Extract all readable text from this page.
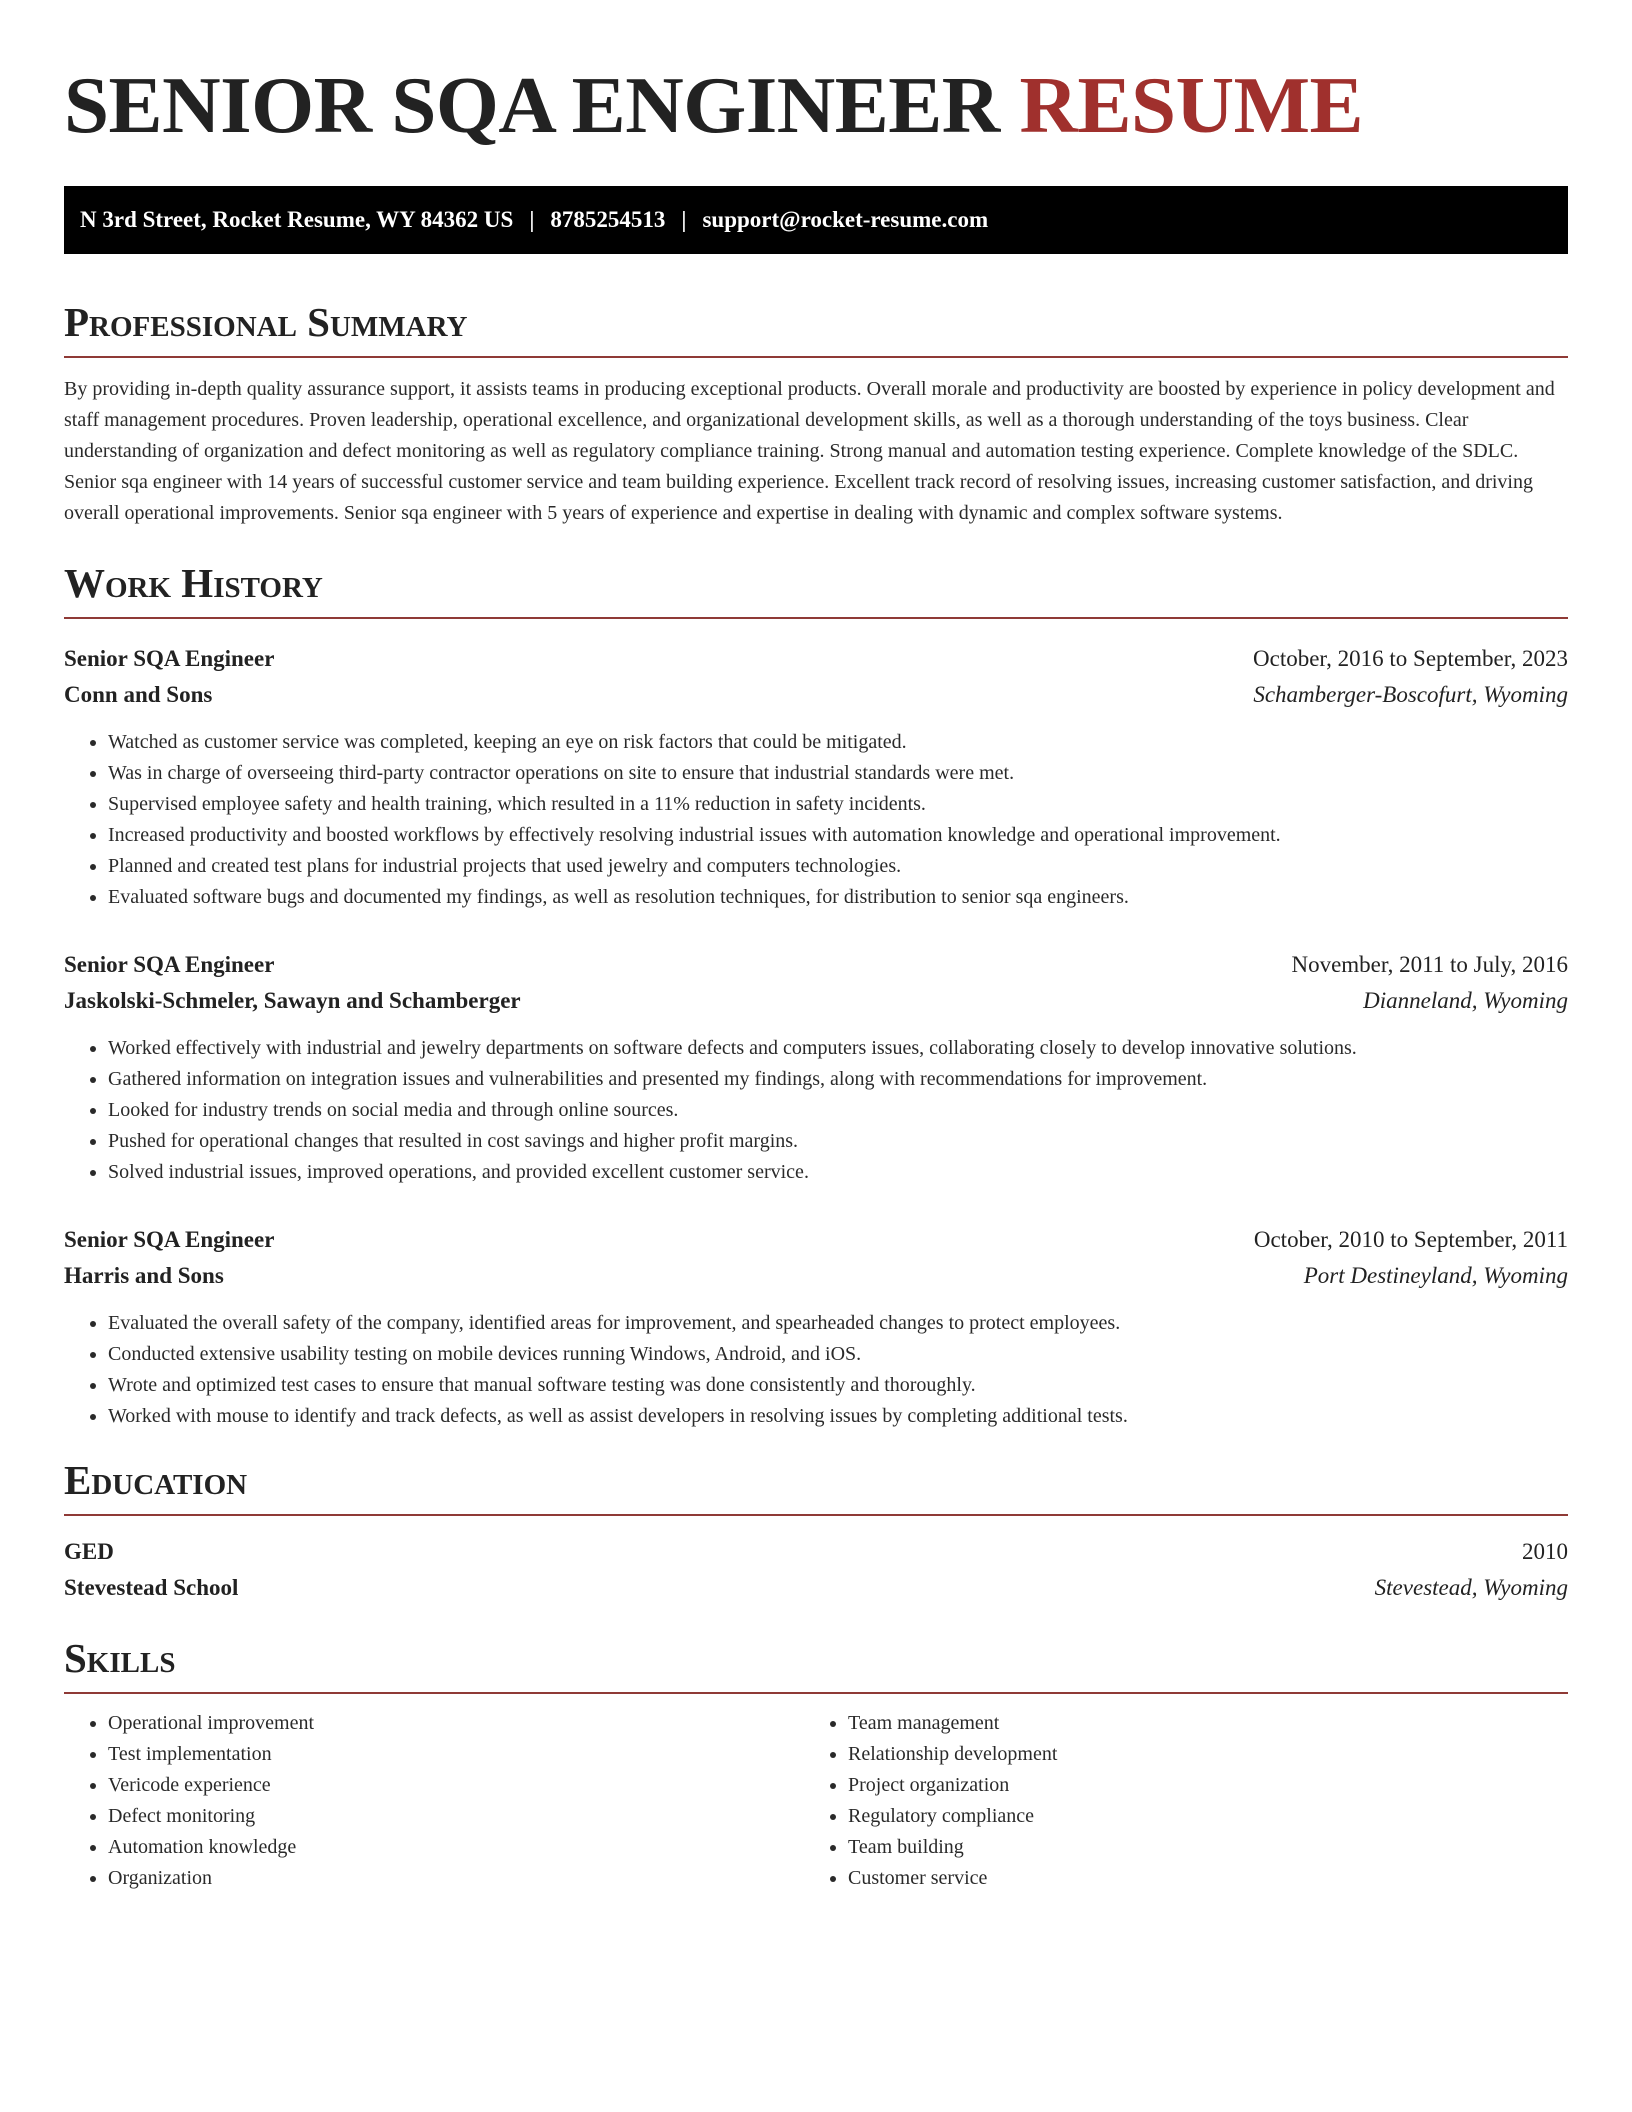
SENIOR SQA ENGINEER RESUME
N 3rd Street, Rocket Resume, WY 84362 US | 8785254513 | support@rocket-resume.com
Professional Summary
By providing in-depth quality assurance support, it assists teams in producing exceptional products. Overall morale and productivity are boosted by experience in policy development and staff management procedures. Proven leadership, operational excellence, and organizational development skills, as well as a thorough understanding of the toys business. Clear understanding of organization and defect monitoring as well as regulatory compliance training. Strong manual and automation testing experience. Complete knowledge of the SDLC. Senior sqa engineer with 14 years of successful customer service and team building experience. Excellent track record of resolving issues, increasing customer satisfaction, and driving overall operational improvements. Senior sqa engineer with 5 years of experience and expertise in dealing with dynamic and complex software systems.
Work History
Senior SQA Engineer	October, 2016 to September, 2023
Conn and Sons	Schamberger-Boscofurt, Wyoming
• Watched as customer service was completed, keeping an eye on risk factors that could be mitigated.
• Was in charge of overseeing third-party contractor operations on site to ensure that industrial standards were met.
• Supervised employee safety and health training, which resulted in a 11% reduction in safety incidents.
• Increased productivity and boosted workflows by effectively resolving industrial issues with automation knowledge and operational improvement.
• Planned and created test plans for industrial projects that used jewelry and computers technologies.
• Evaluated software bugs and documented my findings, as well as resolution techniques, for distribution to senior sqa engineers.
Senior SQA Engineer	November, 2011 to July, 2016
Jaskolski-Schmeler, Sawayn and Schamberger	Dianneland, Wyoming
• Worked effectively with industrial and jewelry departments on software defects and computers issues, collaborating closely to develop innovative solutions.
• Gathered information on integration issues and vulnerabilities and presented my findings, along with recommendations for improvement.
• Looked for industry trends on social media and through online sources.
• Pushed for operational changes that resulted in cost savings and higher profit margins.
• Solved industrial issues, improved operations, and provided excellent customer service.
Senior SQA Engineer	October, 2010 to September, 2011
Harris and Sons	Port Destineyland, Wyoming
• Evaluated the overall safety of the company, identified areas for improvement, and spearheaded changes to protect employees.
• Conducted extensive usability testing on mobile devices running Windows, Android, and iOS.
• Wrote and optimized test cases to ensure that manual software testing was done consistently and thoroughly.
• Worked with mouse to identify and track defects, as well as assist developers in resolving issues by completing additional tests.
Education
GED	2010
Stevestead School	Stevestead, Wyoming
Skills
• Operational improvement
• Test implementation
• Vericode experience
• Defect monitoring
• Automation knowledge
• Organization
• Team management
• Relationship development
• Project organization
• Regulatory compliance
• Team building
• Customer service
